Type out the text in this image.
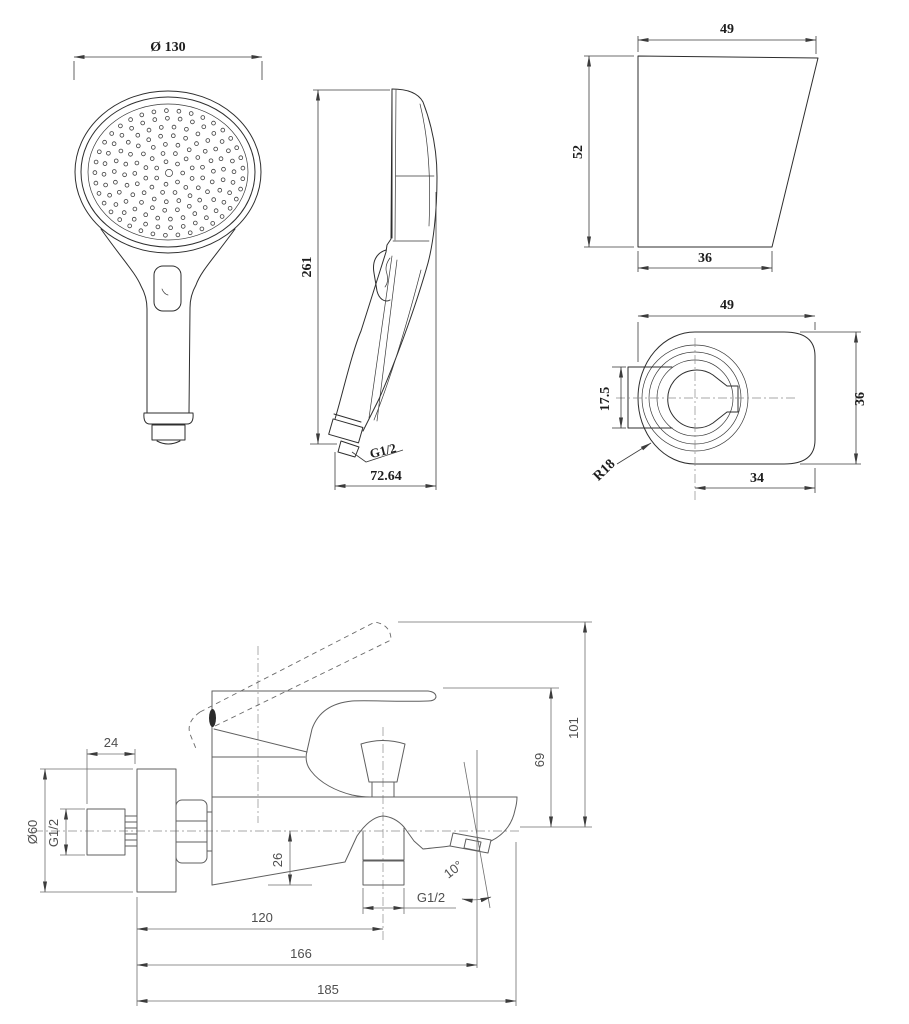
Ø 130
261
G1/2
72.64
49
52
36
49
17.5
R18
36
34
10°
24
Ø60 G1/2
26
G1/2
120
166
185
69
101
